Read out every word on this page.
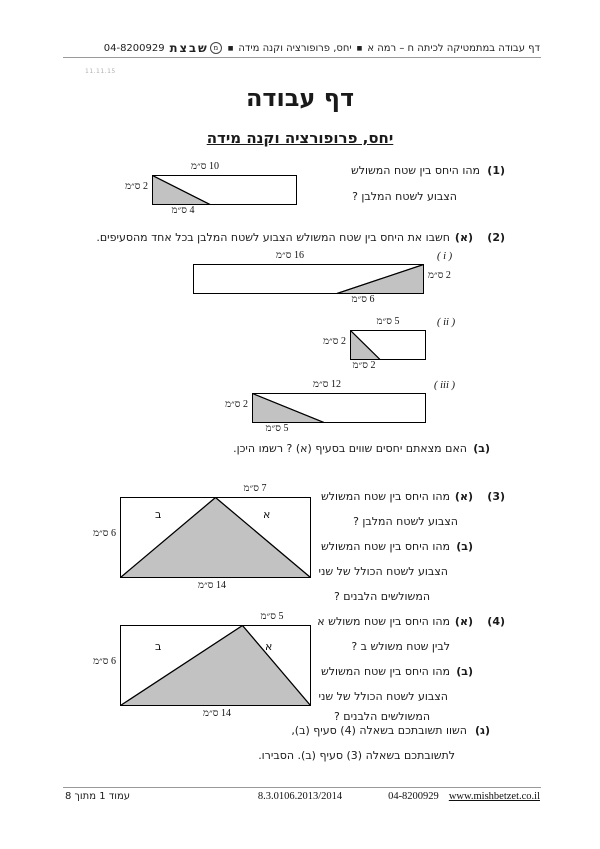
דף עבודה במתמטיקה לכיתה ח – רמה א
■
יחס, פרופורציה וקנה מידה
■
מ
שבצת
04-8200929
11.11.15
דף עבודה
יחס, פרופורציה וקנה מידה
(1)
מהו היחס בין שטח המשולש
הצבוע לשטח המלבן ?
10 ס״מ
2 ס״מ
4 ס״מ
(2)
(א)
חשבו את היחס בין שטח המשולש הצבוע לשטח המלבן בכל אחד מהסעיפים.
( i )
16 ס״מ
2 ס״מ
6 ס״מ
( ii )
5 ס״מ
2 ס״מ
2 ס״מ
( iii )
12 ס״מ
2 ס״מ
5 ס״מ
(ב)
האם מצאתם יחסים שווים בסעיף (א) ? רשמו היכן.
(3)
(א)
מהו היחס בין שטח המשולש
הצבוע לשטח המלבן ?
(ב)
מהו היחס בין שטח המשולש
הצבוע לשטח הכולל של שני
המשולשים הלבנים ?
7 ס״מ
6 ס״מ
14 ס״מ
ב	א
(4)
(א)
מהו היחס בין שטח משולש א
לבין שטח משולש ב ?
(ב)
מהו היחס בין שטח המשולש
הצבוע לשטח הכולל של שני
המשולשים הלבנים ?
(ג)
השוו תשובתכם בשאלה (4) סעיף (ב),
לתשובתכם בשאלה (3) סעיף (ב). הסבירו.
5 ס״מ
6 ס״מ
14 ס״מ
ב	א
עמוד 1 מתוך 8	8.3.0106.2013/2014	04-8200929 www.mishbetzet.co.il
